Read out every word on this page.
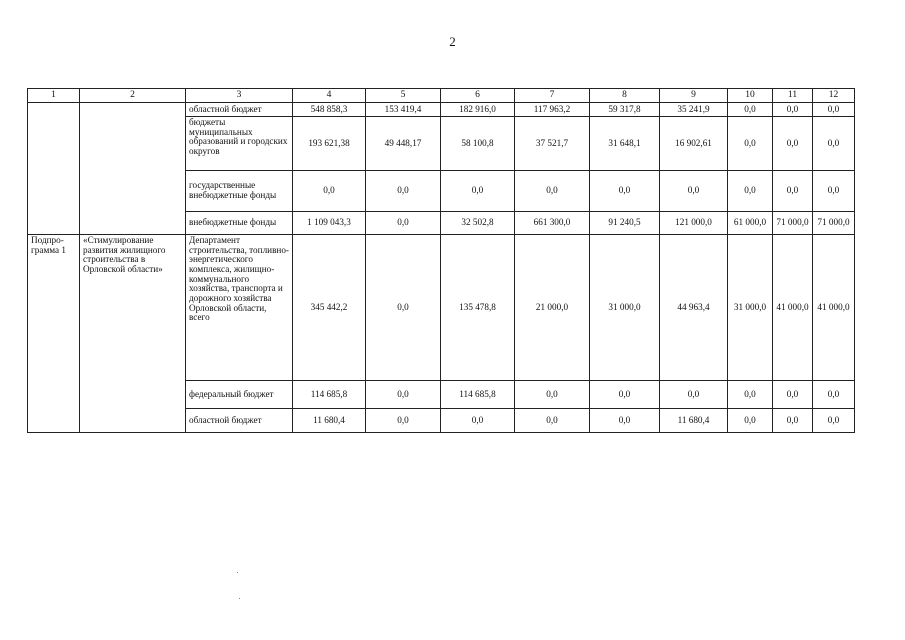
2
1	2	3	4	5	6	7	8	9	10	11	12
		областной бюджет	548 858,3	153 419,4	182 916,0	117 963,2	59 317,8	35 241,9	0,0	0,0	0,0
		бюджеты муниципальных образований и городских округов	193 621,38	49 448,17	58 100,8	37 521,7	31 648,1	16 902,61	0,0	0,0	0,0
		государственные внебюджетные фонды	0,0	0,0	0,0	0,0	0,0	0,0	0,0	0,0	0,0
		внебюджетные фонды	1 109 043,3	0,0	32 502,8	661 300,0	91 240,5	121 000,0	61 000,0	71 000,0	71 000,0
Подпро-грамма 1	«Стимулирование развития жилищного строительства в Орловской области»	Департамент строительства, топливно-энергетического комплекса, жилищно-коммунального хозяйства, транспорта и дорожного хозяйства Орловской области, всего	345 442,2	0,0	135 478,8	21 000,0	31 000,0	44 963,4	31 000,0	41 000,0	41 000,0
		федеральный бюджет	114 685,8	0,0	114 685,8	0,0	0,0	0,0	0,0	0,0	0,0
		областной бюджет	11 680,4	0,0	0,0	0,0	0,0	11 680,4	0,0	0,0	0,0
